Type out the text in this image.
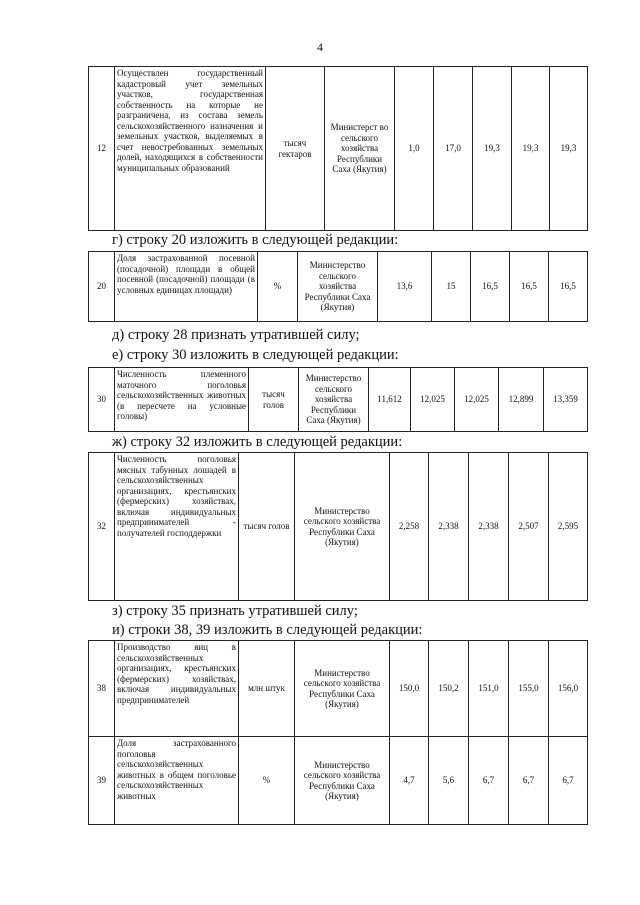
4
12	Осуществлен государственный кадастровый учет земельных участков, государственная собственность на которые не разграничена, из состава земель сельскохозяйственного назначения и земельных участков, выделяемых в счет невостребованных земельных долей, находящихся в собственности муниципальных образований	тысяч гектаров	Министерст во сельского хозяйства Республики Саха (Якутия)	1,0	17,0	19,3	19,3	19,3
г) строку 20 изложить в следующей редакции:
20	Доля застрахованной посевной (посадочной) площади в общей посевной (посадочной) площади (в условных единицах площади)	%	Министерство сельского хозяйства Республики Саха (Якутия)	13,6	15	16,5	16,5	16,5
д) строку 28 признать утратившей силу;
е) строку 30 изложить в следующей редакции:
30	Численность племенного маточного поголовья сельскохозяйственных животных (в пересчете на условные головы)	тысяч голов	Министерство сельского хозяйства Республики Саха (Якутия)	11,612	12,025	12,025	12,899	13,359
ж) строку 32 изложить в следующей редакции:
32	Численность поголовья мясных табунных лошадей в сельскохозяйственных организациях, крестьянских (фермерских) хозяйствах, включая индивидуальных предпринимателей - получателей господдержки	тысяч голов	Министерство сельского хозяйства Республики Саха (Якутия)	2,258	2,338	2,338	2,507	2,595
з) строку 35 признать утратившей силу;
и) строки 38, 39 изложить в следующей редакции:
38	Производство яиц в сельскохозяйственных организациях, крестьянских (фермерских) хозяйствах, включая индивидуальных предпринимателей	млн штук	Министерство сельского хозяйства Республики Саха (Якутия)	150,0	150,2	151,0	155,0	156,0
39	Доля застрахованного поголовья сельскохозяйственных животных в общем поголовье сельскохозяйственных животных	%	Министерство сельского хозяйства Республики Саха (Якутия)	4,7	5,6	6,7	6,7	6,7
